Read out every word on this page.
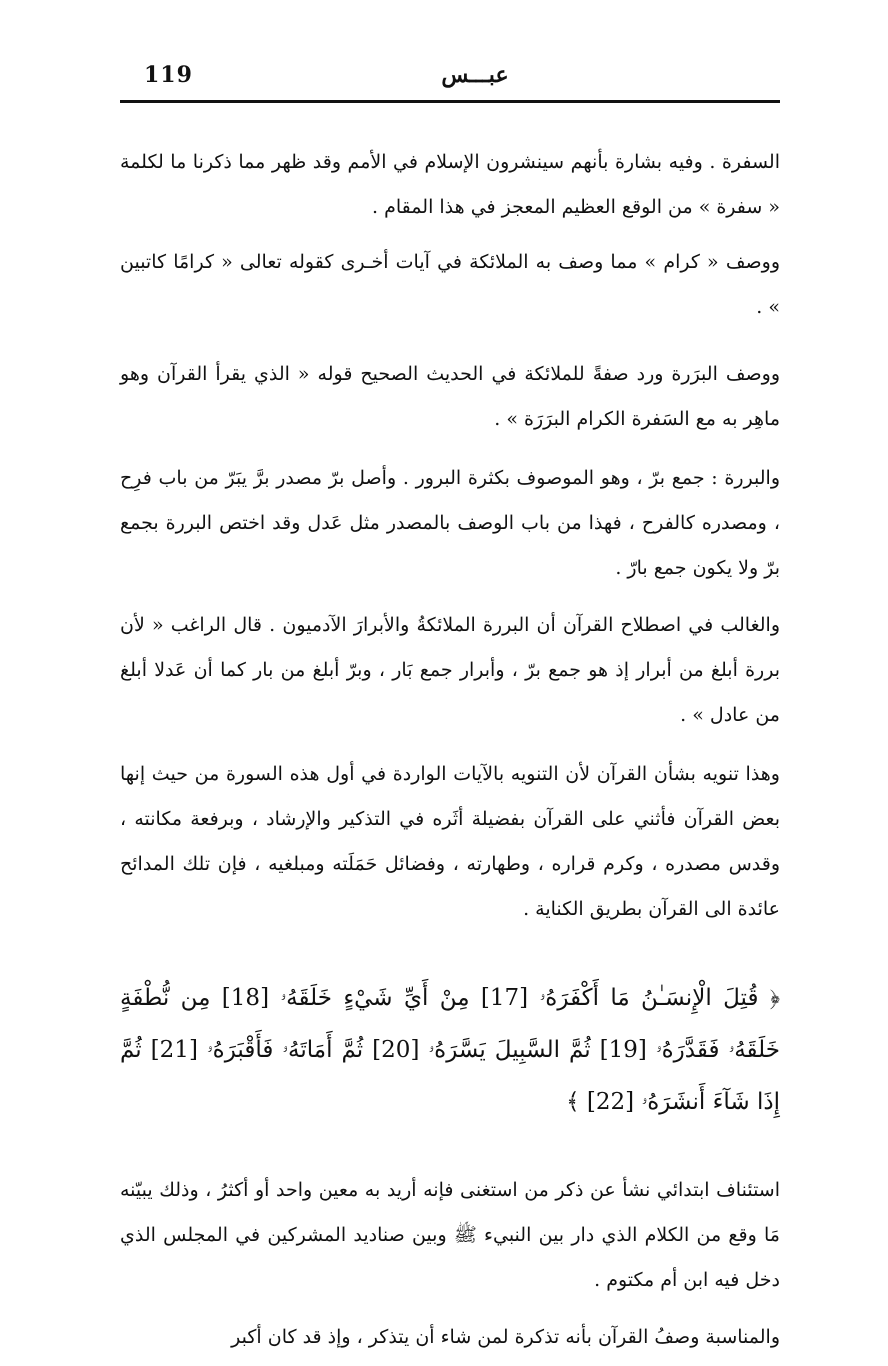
119	عبـــس

السفرة . وفيه بشارة بأنهم سينشرون الإسلام في الأمم وقد ظهر مما ذكرنا ما لكلمة « سفرة » من الوقع العظيم المعجز في هذا المقام .

ووصف « كرام » مما وصف به الملائكة في آيات أخـرى كقوله تعالى « كرامًا كاتبين » .

ووصف البرَرة ورد صفةً للملائكة في الحديث الصحيح قوله « الذي يقرأ القرآن وهو ماهِر به مع السَفرة الكرام البرَرَة » .

والبررة : جمع برّ ، وهو الموصوف بكثرة البرور . وأصل برّ مصدر برَّ يبَرّ من باب فرِح ، ومصدره كالفرح ، فهذا من باب الوصف بالمصدر مثل عَدل وقد اختص البررة بجمع برّ ولا يكون جمع بارّ .

والغالب في اصطلاح القرآن أن البررة الملائكةُ والأبرارَ الآدميون . قال الراغب « لأن بررة أبلغ من أبرار إذ هو جمع برّ ، وأبرار جمع بَار ، وبرّ أبلغ من بار كما أن عَدلا أبلغ من عادل » .

وهذا تنويه بشأن القرآن لأن التنويه بالآيات الواردة في أول هذه السورة من حيث إنها بعض القرآن فأثني على القرآن بفضيلة أثَره في التذكير والإرشاد ، وبرفعة مكانته ، وقدس مصدره ، وكرم قراره ، وطهارته ، وفضائل حَمَلَته ومبلغيه ، فإن تلك المدائح عائدة الى القرآن بطريق الكناية .

﴿ قُتِلَ الْإِنسَـٰنُ مَا أَكْفَرَهُۥ [17] مِنْ أَيِّ شَيْءٍ خَلَقَهُۥ [18] مِن نُّطْفَةٍ خَلَقَهُۥ فَقَدَّرَهُۥ [19] ثُمَّ السَّبِيلَ يَسَّرَهُۥ [20] ثُمَّ أَمَاتَهُۥ فَأَقْبَرَهُۥ [21] ثُمَّ إِذَا شَآءَ أَنشَرَهُۥ [22] ﴾

استئناف ابتدائي نشأ عن ذكر من استغنى فإنه أريد به معين واحد أو أكثرُ ، وذلك يبيّنه مَا وقع من الكلام الذي دار بين النبيء ﷺ وبين صناديد المشركين في المجلس الذي دخل فيه ابن أم مكتوم .

والمناسبة وصفُ القرآن بأنه تذكرة لمن شاء أن يتذكر ، وإذ قد كان أكبر
